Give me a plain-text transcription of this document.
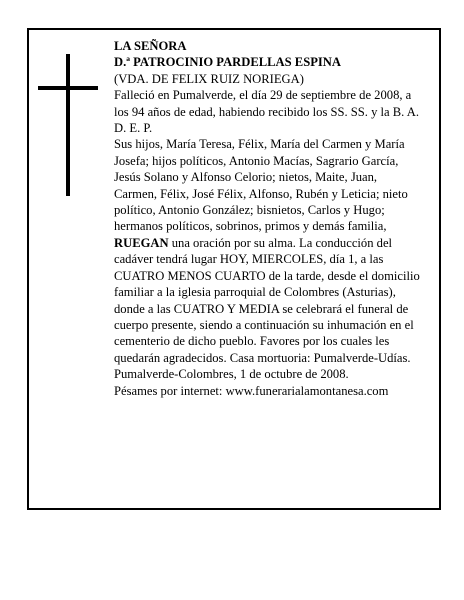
LA SEÑORA

D.ª PATROCINIO PARDELLAS ESPINA

(VDA. DE FELIX RUIZ NORIEGA)

Falleció en Pumalverde, el día 29 de septiembre de 2008, a los 94 años de edad, habiendo recibido los SS. SS. y la B. A.

D. E. P.

Sus hijos, María Teresa, Félix, María del Carmen y María Josefa; hijos políticos, Antonio Macías, Sagrario García, Jesús Solano y Alfonso Celorio; nietos, Maite, Juan, Carmen, Félix, José Félix, Alfonso, Rubén y Leticia; nieto político, Antonio González; bisnietos, Carlos y Hugo; hermanos políticos, sobrinos, primos y demás familia,

RUEGAN una oración por su alma. La conducción del cadáver tendrá lugar HOY, MIERCOLES, día 1, a las CUATRO MENOS CUARTO de la tarde, desde el domicilio familiar a la iglesia parroquial de Colombres (Asturias), donde a las CUATRO Y MEDIA se celebrará el funeral de cuerpo presente, siendo a continuación su inhumación en el cementerio de dicho pueblo. Favores por los cuales les quedarán agradecidos. Casa mortuoria: Pumalverde-Udías.

Pumalverde-Colombres, 1 de octubre de 2008.

Pésames por internet: www.funerarialamontanesa.com
